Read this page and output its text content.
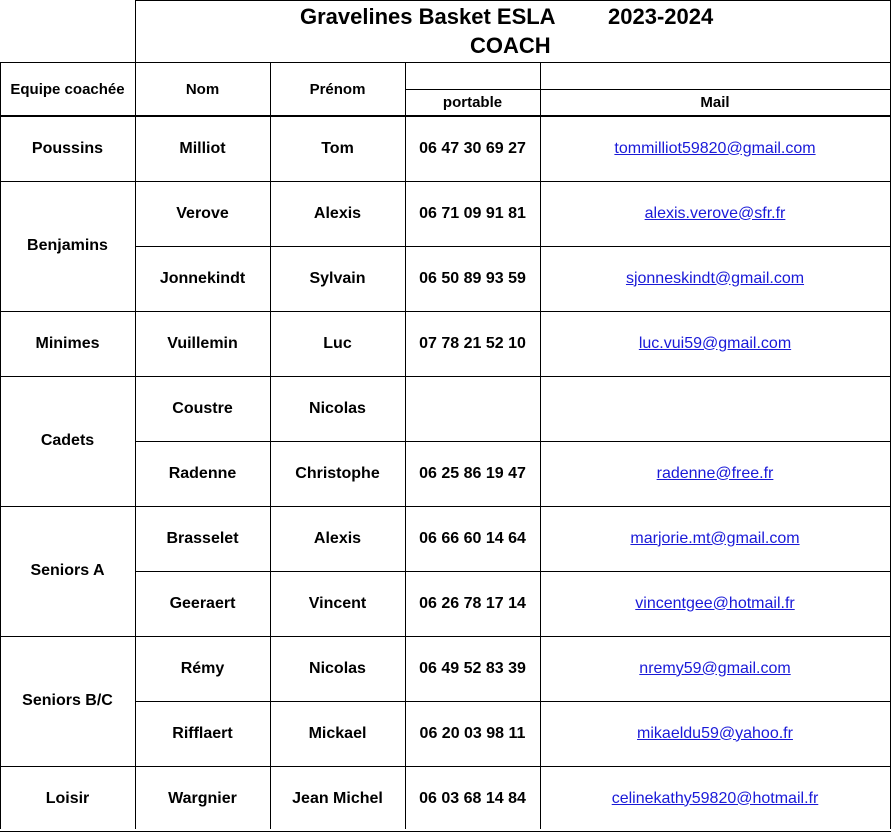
Gravelines Basket ESLA 2023-2024
COACH
Equipe coachée	Nom	Prénom
portable	Mail
Poussins	Milliot	Tom	06 47 30 69 27	tommilliot59820@gmail.com
Benjamins
Verove	Alexis	06 71 09 91 81	alexis.verove@sfr.fr
Jonnekindt	Sylvain	06 50 89 93 59	sjonneskindt@gmail.com
Minimes	Vuillemin	Luc	07 78 21 52 10	luc.vui59@gmail.com
Cadets
Coustre	Nicolas
Radenne	Christophe	06 25 86 19 47	radenne@free.fr
Seniors A
Brasselet	Alexis	06 66 60 14 64	marjorie.mt@gmail.com
Geeraert	Vincent	06 26 78 17 14	vincentgee@hotmail.fr
Seniors B/C
Rémy	Nicolas	06 49 52 83 39	nremy59@gmail.com
Rifflaert	Mickael	06 20 03 98 11	mikaeldu59@yahoo.fr
Loisir	Wargnier	Jean Michel	06 03 68 14 84	celinekathy59820@hotmail.fr
